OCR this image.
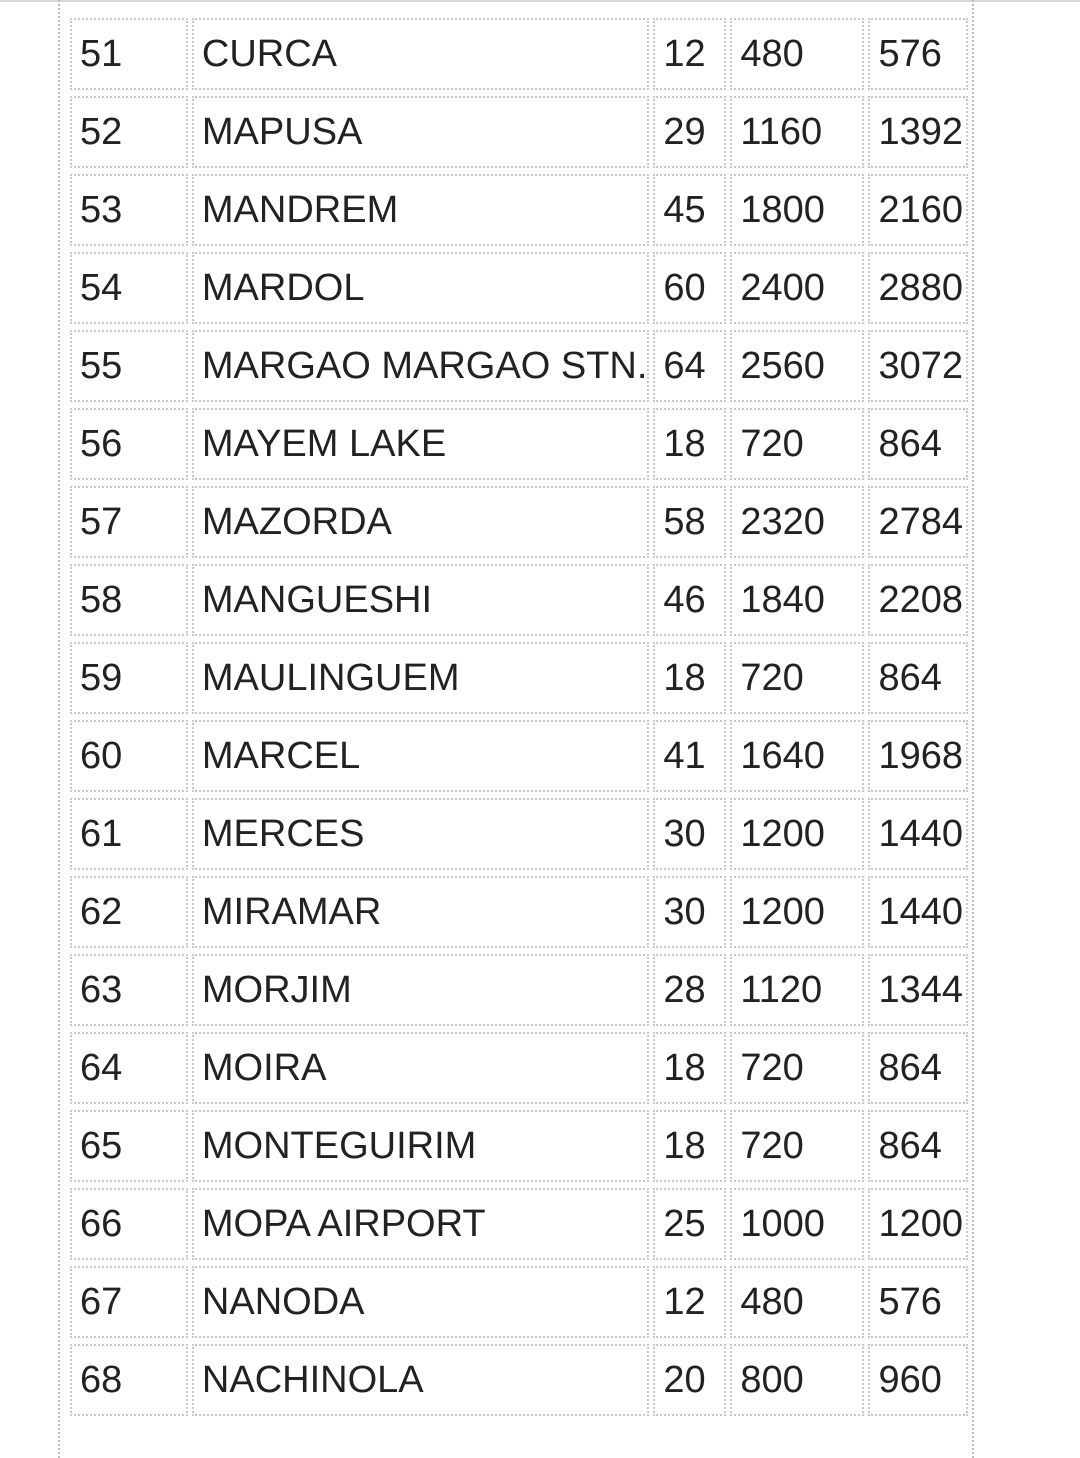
51	CURCA	12	480	576
52	MAPUSA	29	1160	1392
53	MANDREM	45	1800	2160
54	MARDOL	60	2400	2880
55	MARGAO MARGAO STN.	64	2560	3072
56	MAYEM LAKE	18	720	864
57	MAZORDA	58	2320	2784
58	MANGUESHI	46	1840	2208
59	MAULINGUEM	18	720	864
60	MARCEL	41	1640	1968
61	MERCES	30	1200	1440
62	MIRAMAR	30	1200	1440
63	MORJIM	28	1120	1344
64	MOIRA	18	720	864
65	MONTEGUIRIM	18	720	864
66	MOPA AIRPORT	25	1000	1200
67	NANODA	12	480	576
68	NACHINOLA	20	800	960
